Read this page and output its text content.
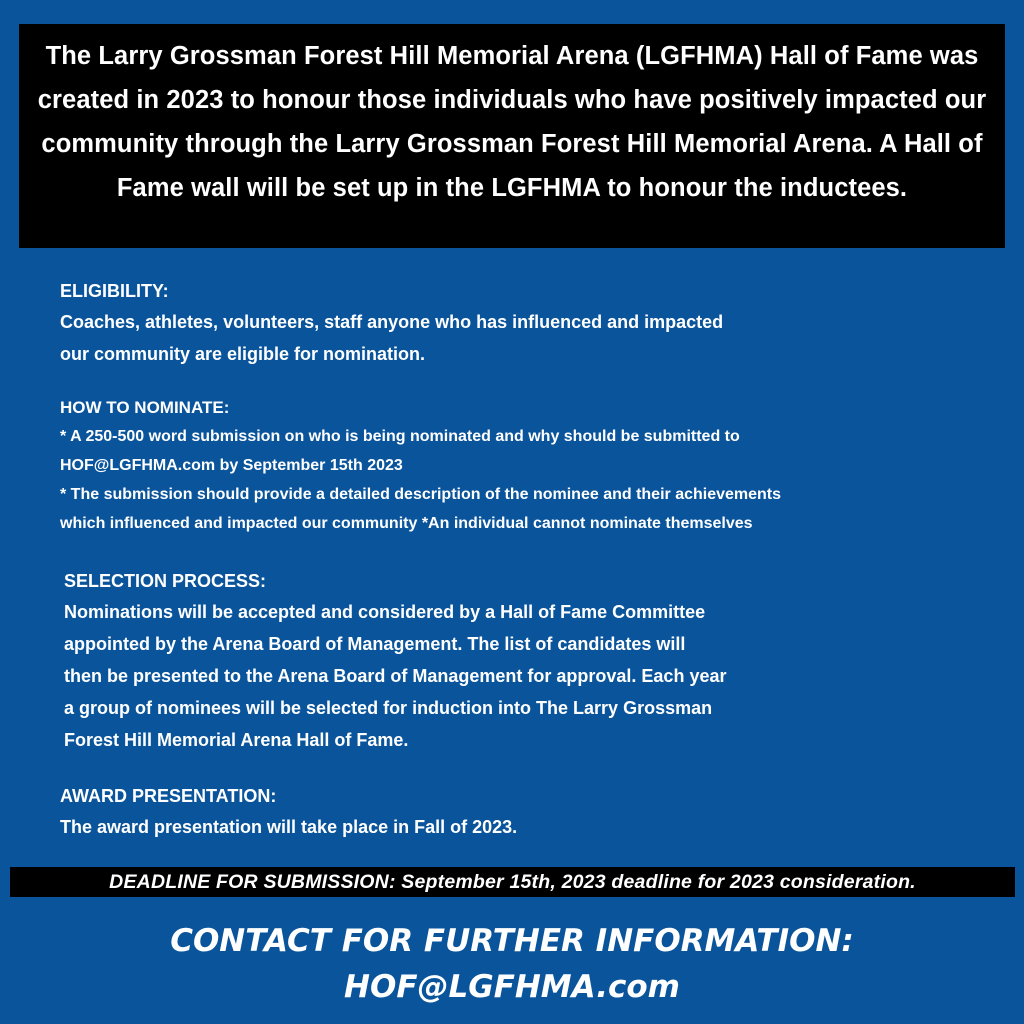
The Larry Grossman Forest Hill Memorial Arena (LGFHMA) Hall of Fame was created in 2023 to honour those individuals who have positively impacted our community through the Larry Grossman Forest Hill Memorial Arena. A Hall of Fame wall will be set up in the LGFHMA to honour the inductees.
ELIGIBILITY:
Coaches, athletes, volunteers, staff anyone who has influenced and impacted
our community are eligible for nomination.
HOW TO NOMINATE:
* A 250-500 word submission on who is being nominated and why should be submitted to
HOF@LGFHMA.com by September 15th 2023
* The submission should provide a detailed description of the nominee and their achievements
which influenced and impacted our community *An individual cannot nominate themselves
SELECTION PROCESS:
Nominations will be accepted and considered by a Hall of Fame Committee
appointed by the Arena Board of Management. The list of candidates will
then be presented to the Arena Board of Management for approval. Each year
a group of nominees will be selected for induction into The Larry Grossman
Forest Hill Memorial Arena Hall of Fame.
AWARD PRESENTATION:
The award presentation will take place in Fall of 2023.
DEADLINE FOR SUBMISSION: September 15th, 2023 deadline for 2023 consideration.
CONTACT FOR FURTHER INFORMATION:
HOF@LGFHMA.com
